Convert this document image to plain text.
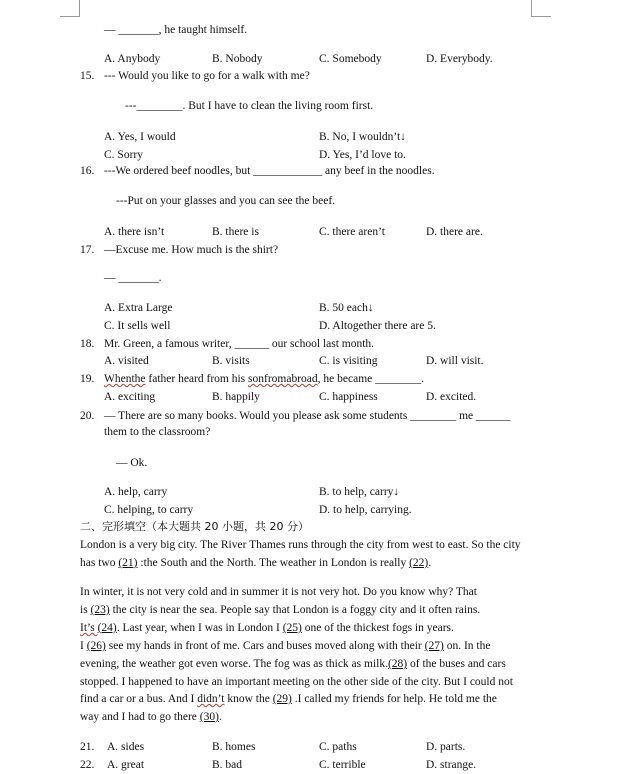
— _______, he taught himself.
A. Anybody	B. Nobody	C. Somebody	D. Everybody.
15. --- Would you like to go for a walk with me?
---________. But I have to clean the living room first.
A. Yes, I would	B. No, I wouldn’t↓
C. Sorry	D. Yes, I’d love to.
16. ---We ordered beef noodles, but ____________ any beef in the noodles.
---Put on your glasses and you can see the beef.
A. there isn’t	B. there is	C. there aren’t	D. there are.
17. —Excuse me. How much is the shirt?
— _______.
A. Extra Large	B. 50 each↓
C. It sells well	D. Altogether there are 5.
18. Mr. Green, a famous writer, ______ our school last month.
A. visited	B. visits	C. is visiting	D. will visit.
19. Whenthe father heard from his sonfromabroad, he became ________.
A. exciting	B. happily	C. happiness	D. excited.
20. — There are so many books. Would you please ask some students ________ me ______
them to the classroom?
— Ok.
A. help, carry	B. to help, carry↓
C. helping, to carry	D. to help, carrying.
二、完形填空（本大题共 20 小题，共 20 分）
London is a very big city. The River Thames runs through the city from west to east. So the city
has two (21) :the South and the North. The weather in London is really (22).
In winter, it is not very cold and in summer it is not very hot. Do you know why? That
is (23) the city is near the sea. People say that London is a foggy city and it often rains.
It’s (24). Last year, when I was in London I (25) one of the thickest fogs in years.
I (26) see my hands in front of me. Cars and buses moved along with their (27) on. In the
evening, the weather got even worse. The fog was as thick as milk.(28) of the buses and cars
stopped. I happened to have an important meeting on the other side of the city. But I could not
find a car or a bus. And I didn’t know the (29) .I called my friends for help. He told me the
way and I had to go there (30).
21. A. sides	B. homes	C. paths	D. parts.
22. A. great	B. bad	C. terrible	D. strange.
